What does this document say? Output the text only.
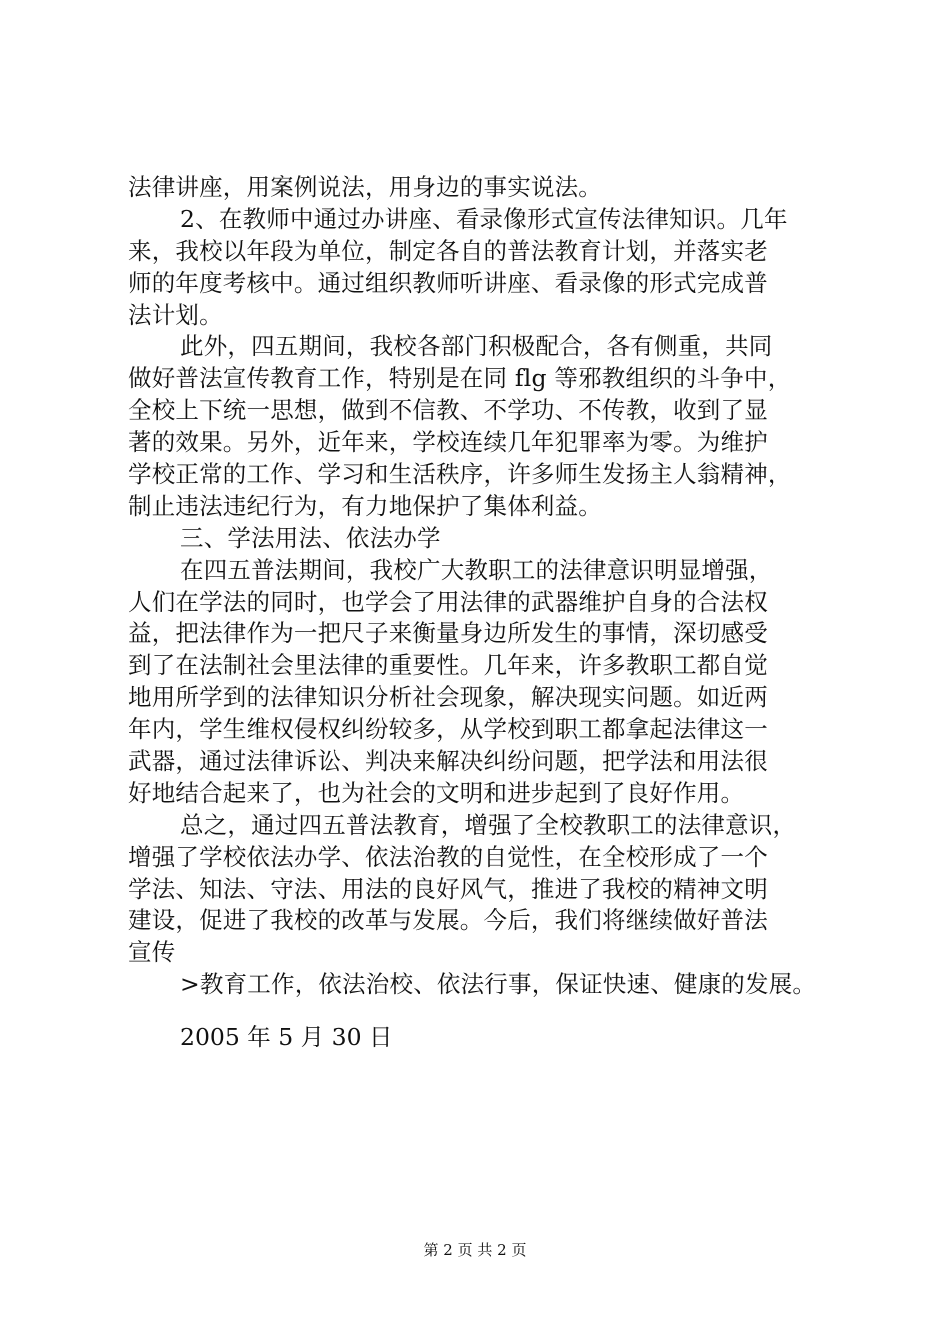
法律讲座，用案例说法，用身边的事实说法。
2、在教师中通过办讲座、看录像形式宣传法律知识。几年
来，我校以年段为单位，制定各自的普法教育计划，并落实老
师的年度考核中。通过组织教师听讲座、看录像的形式完成普
法计划。
此外，四五期间，我校各部门积极配合，各有侧重，共同
做好普法宣传教育工作，特别是在同 flg 等邪教组织的斗争中，
全校上下统一思想，做到不信教、不学功、不传教，收到了显
著的效果。另外，近年来，学校连续几年犯罪率为零。为维护
学校正常的工作、学习和生活秩序，许多师生发扬主人翁精神，
制止违法违纪行为，有力地保护了集体利益。
三、学法用法、依法办学
在四五普法期间，我校广大教职工的法律意识明显增强，
人们在学法的同时，也学会了用法律的武器维护自身的合法权
益，把法律作为一把尺子来衡量身边所发生的事情，深切感受
到了在法制社会里法律的重要性。几年来，许多教职工都自觉
地用所学到的法律知识分析社会现象，解决现实问题。如近两
年内，学生维权侵权纠纷较多，从学校到职工都拿起法律这一
武器，通过法律诉讼、判决来解决纠纷问题，把学法和用法很
好地结合起来了，也为社会的文明和进步起到了良好作用。
总之，通过四五普法教育，增强了全校教职工的法律意识，
增强了学校依法办学、依法治教的自觉性，在全校形成了一个
学法、知法、守法、用法的良好风气，推进了我校的精神文明
建设，促进了我校的改革与发展。今后，我们将继续做好普法
宣传
>教育工作，依法治校、依法行事，保证快速、健康的发展。
2005 年 5 月 30 日
第 2 页 共 2 页
